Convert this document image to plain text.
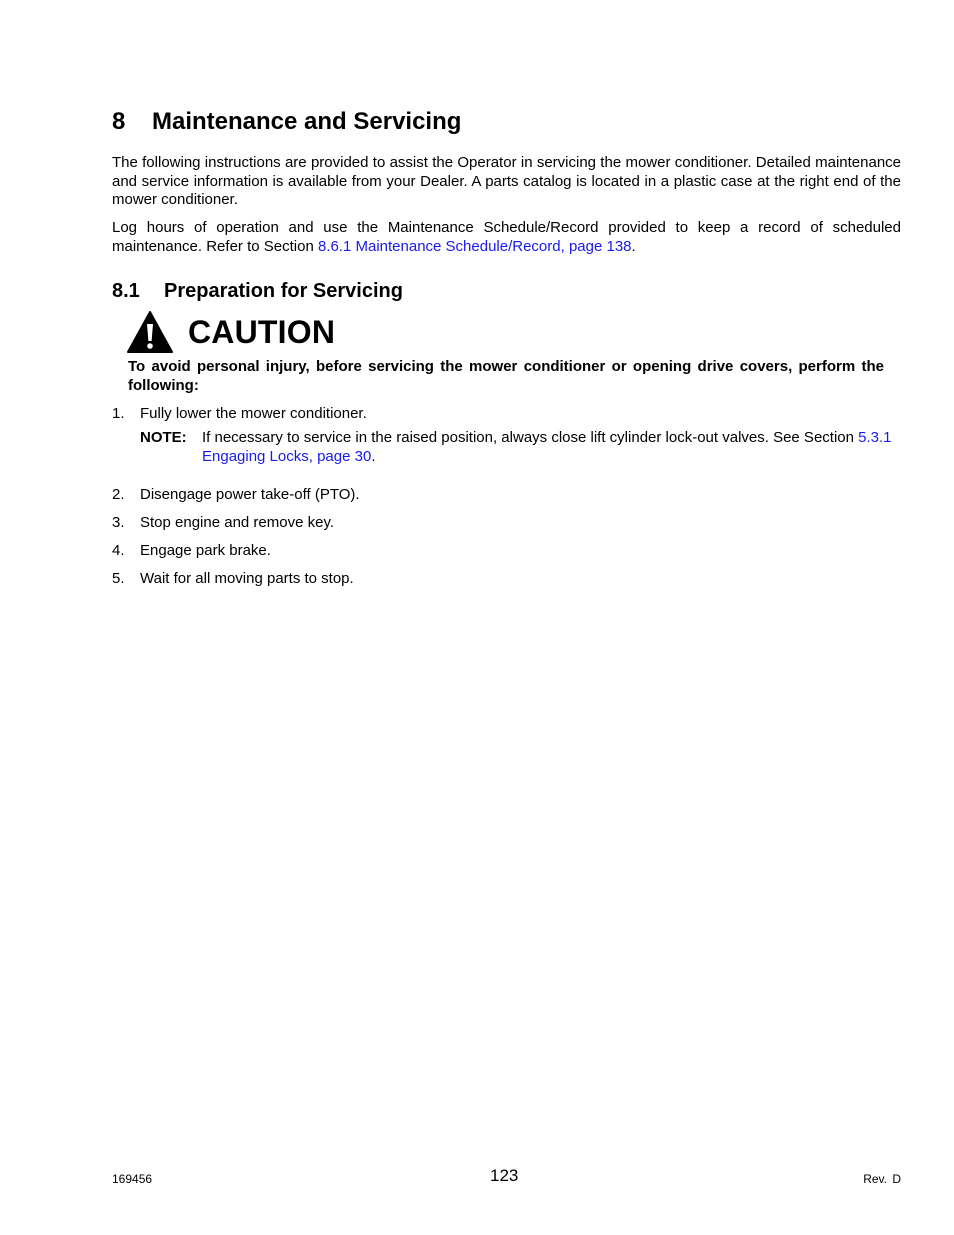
8 Maintenance and Servicing

The following instructions are provided to assist the Operator in servicing the mower conditioner. Detailed maintenance and service information is available from your Dealer. A parts catalog is located in a plastic case at the right end of the mower conditioner.

Log hours of operation and use the Maintenance Schedule/Record provided to keep a record of scheduled maintenance. Refer to Section 8.6.1 Maintenance Schedule/Record, page 138.

8.1 Preparation for Servicing
CAUTION

To avoid personal injury, before servicing the mower conditioner or opening drive covers, perform the following:

1. Fully lower the mower conditioner.
NOTE: If necessary to service in the raised position, always close lift cylinder lock-out valves. See Section 5.3.1 Engaging Locks, page 30.
2. Disengage power take-off (PTO).
3. Stop engine and remove key.
4. Engage park brake.
5. Wait for all moving parts to stop.
169456	123	Rev. D
